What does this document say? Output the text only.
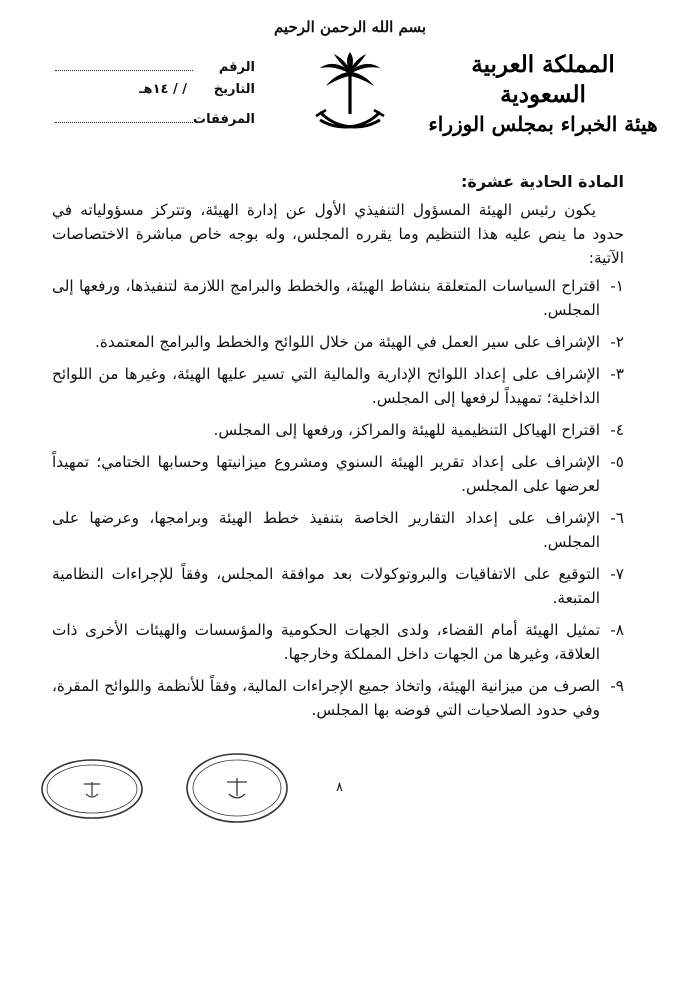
بسم الله الرحمن الرحيم
المملكة العربية السعودية
هيئة الخبراء بمجلس الوزراء
الرقم
التاريخ
/ / ١٤هـ
المرفقات
المادة الحادية عشرة:

يكون رئيس الهيئة المسؤول التنفيذي الأول عن إدارة الهيئة، وتتركز مسؤولياته في حدود ما ينص عليه هذا التنظيم وما يقرره المجلس، وله بوجه خاص مباشرة الاختصاصات الآتية:

١-
اقتراح السياسات المتعلقة بنشاط الهيئة، والخطط والبرامج اللازمة لتنفيذها، ورفعها إلى المجلس.
٢-
الإشراف على سير العمل في الهيئة من خلال اللوائح والخطط والبرامج المعتمدة.
٣-
الإشراف على إعداد اللوائح الإدارية والمالية التي تسير عليها الهيئة، وغيرها من اللوائح الداخلية؛ تمهيداً لرفعها إلى المجلس.
٤-
اقتراح الهياكل التنظيمية للهيئة والمراكز، ورفعها إلى المجلس.
٥-
الإشراف على إعداد تقرير الهيئة السنوي ومشروع ميزانيتها وحسابها الختامي؛ تمهيداً لعرضها على المجلس.
٦-
الإشراف على إعداد التقارير الخاصة بتنفيذ خطط الهيئة وبرامجها، وعرضها على المجلس.
٧-
التوقيع على الاتفاقيات والبروتوكولات بعد موافقة المجلس، وفقاً للإجراءات النظامية المتبعة.
٨-
تمثيل الهيئة أمام القضاء، ولدى الجهات الحكومية والمؤسسات والهيئات الأخرى ذات العلاقة، وغيرها من الجهات داخل المملكة وخارجها.
٩-
الصرف من ميزانية الهيئة، واتخاذ جميع الإجراءات المالية، وفقاً للأنظمة واللوائح المقرة، وفي حدود الصلاحيات التي فوضه بها المجلس.
٨
